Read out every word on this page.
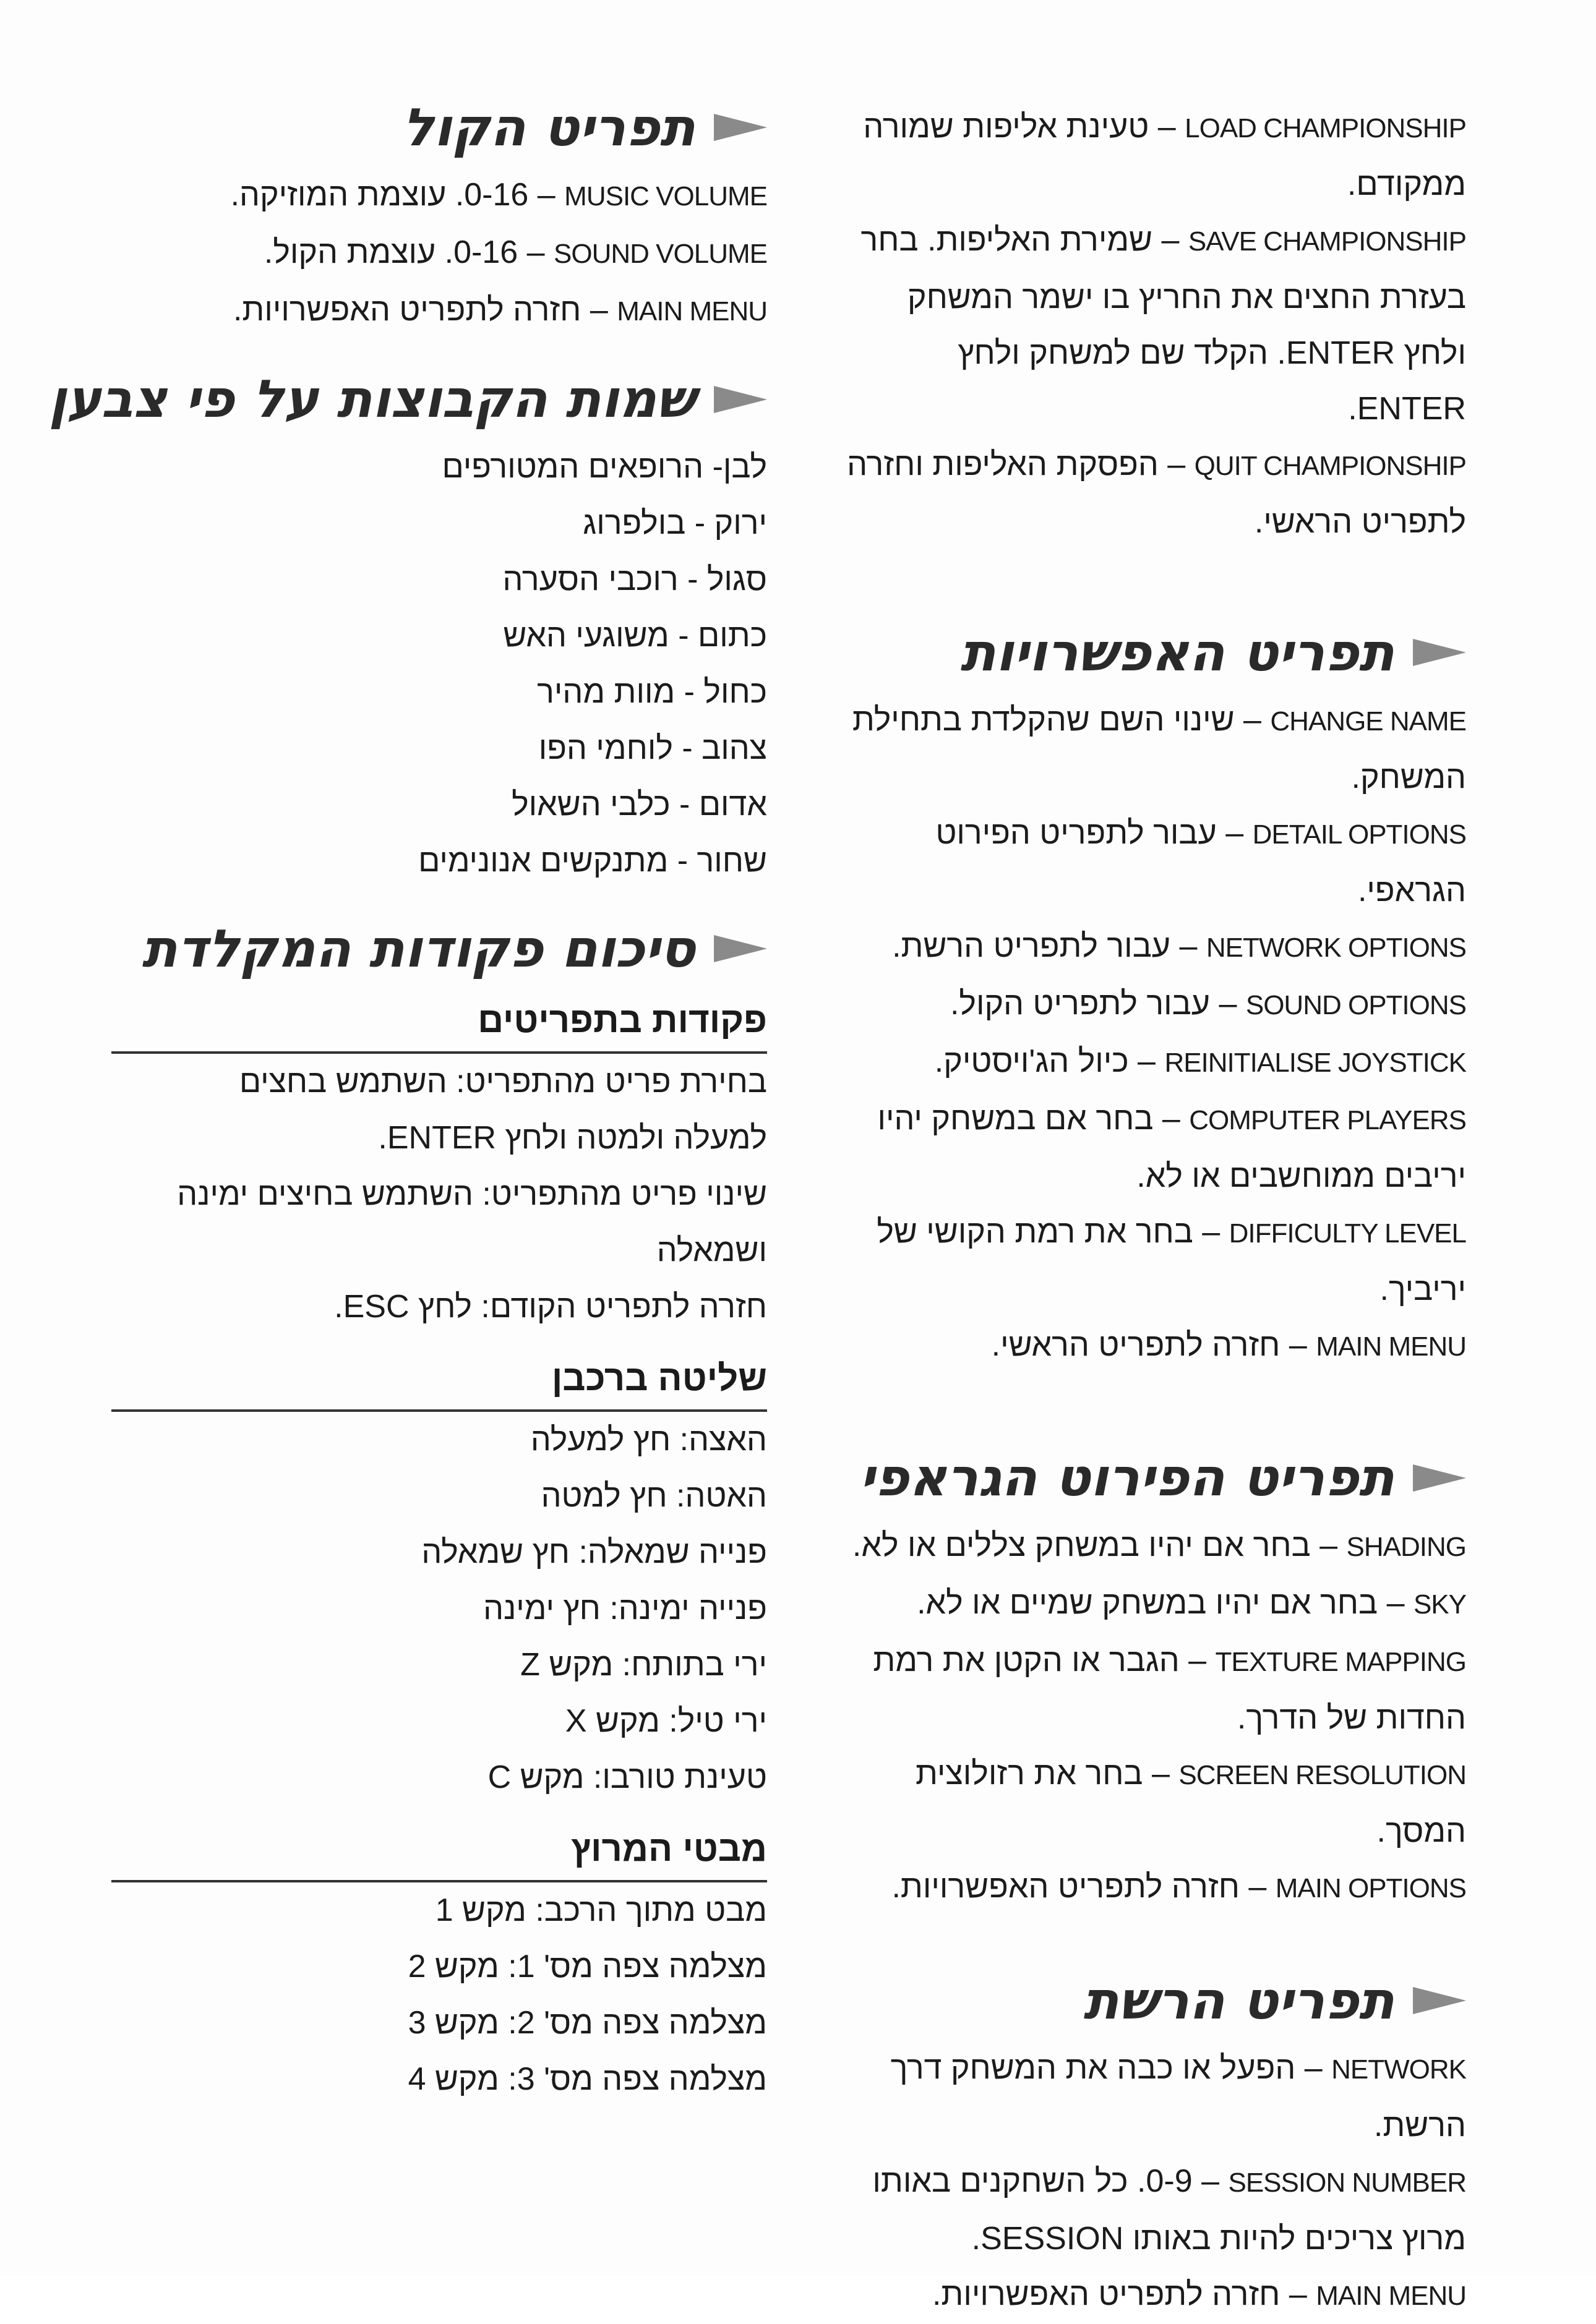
LOAD CHAMPIONSHIP – טעינת אליפות שמורה

ממקודם.

SAVE CHAMPIONSHIP – שמירת האליפות. בחר

בעזרת החצים את החריץ בו ישמר המשחק

ולחץ ENTER. הקלד שם למשחק ולחץ ENTER.

QUIT CHAMPIONSHIP – הפסקת האליפות וחזרה

לתפריט הראשי.

תפריט האפשרויות

CHANGE NAME – שינוי השם שהקלדת בתחילת

המשחק.

DETAIL OPTIONS – עבור לתפריט הפירוט

הגראפי.

NETWORK OPTIONS – עבור לתפריט הרשת.

SOUND OPTIONS – עבור לתפריט הקול.

REINITIALISE JOYSTICK – כיול הג'ויסטיק.

COMPUTER PLAYERS – בחר אם במשחק יהיו

יריבים ממוחשבים או לא.

DIFFICULTY LEVEL – בחר את רמת הקושי של

יריביך.

MAIN MENU – חזרה לתפריט הראשי.

תפריט הפירוט הגראפי

SHADING – בחר אם יהיו במשחק צללים או לא.

SKY – בחר אם יהיו במשחק שמיים או לא.

TEXTURE MAPPING – הגבר או הקטן את רמת

החדות של הדרך.

SCREEN RESOLUTION – בחר את רזולוצית המסך.

MAIN OPTIONS – חזרה לתפריט האפשרויות.

תפריט הרשת

NETWORK – הפעל או כבה את המשחק דרך

הרשת.

SESSION NUMBER – 0-9. כל השחקנים באותו

מרוץ צריכים להיות באותו SESSION.

MAIN MENU – חזרה לתפריט האפשרויות.

תפריט הקול

MUSIC VOLUME – 0-16. עוצמת המוזיקה.

SOUND VOLUME – 0-16. עוצמת הקול.

MAIN MENU – חזרה לתפריט האפשרויות.

שמות הקבוצות על פי צבען

לבן- הרופאים המטורפים

ירוק - בולפרוג

סגול - רוכבי הסערה

כתום - משוגעי האש

כחול - מוות מהיר

צהוב - לוחמי הפו

אדום - כלבי השאול

שחור - מתנקשים אנונימים

סיכום פקודות המקלדת
פקודות בתפריטים

בחירת פריט מהתפריט: השתמש בחצים

למעלה ולמטה ולחץ ENTER.

שינוי פריט מהתפריט: השתמש בחיצים ימינה

ושמאלה

חזרה לתפריט הקודם: לחץ ESC.

שליטה ברכבן

האצה: חץ למעלה

האטה: חץ למטה

פנייה שמאלה: חץ שמאלה

פנייה ימינה: חץ ימינה

ירי בתותח: מקש Z

ירי טיל: מקש X

טעינת טורבו: מקש C

מבטי המרוץ

מבט מתוך הרכב: מקש 1

מצלמה צפה מס' 1: מקש 2

מצלמה צפה מס' 2: מקש 3

מצלמה צפה מס' 3: מקש 4
